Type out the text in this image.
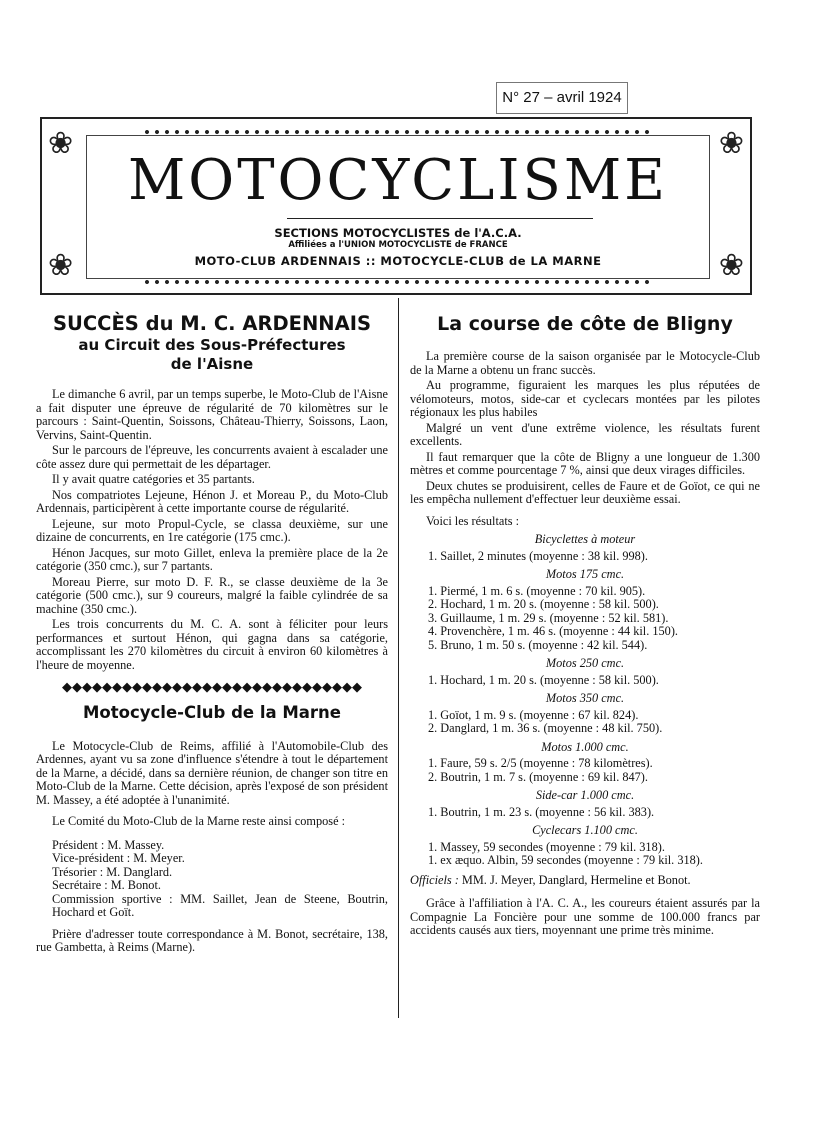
N° 27 – avril 1924
❀	❀
❀	❀
MOTOCYCLISME
SECTIONS MOTOCYCLISTES de l'A.C.A.
Affiliées a l'UNION MOTOCYCLISTE de FRANCE
MOTO-CLUB ARDENNAIS :: MOTOCYCLE-CLUB de LA MARNE
SUCCÈS du M. C. ARDENNAIS
au Circuit des Sous-Préfectures
de l'Aisne

Le dimanche 6 avril, par un temps superbe, le Moto-Club de l'Aisne a fait disputer une épreuve de régularité de 70 kilomètres sur le parcours : Saint-Quentin, Soissons, Château-Thierry, Soissons, Laon, Vervins, Saint-Quentin.

Sur le parcours de l'épreuve, les concurrents avaient à escalader une côte assez dure qui permettait de les départager.

Il y avait quatre catégories et 35 partants.

Nos compatriotes Lejeune, Hénon J. et Moreau P., du Moto-Club Ardennais, participèrent à cette importante course de régularité.

Lejeune, sur moto Propul-Cycle, se classa deuxième, sur une dizaine de concurrents, en 1re catégorie (175 cmc.).

Hénon Jacques, sur moto Gillet, enleva la première place de la 2e catégorie (350 cmc.), sur 7 partants.

Moreau Pierre, sur moto D. F. R., se classe deuxième de la 3e catégorie (500 cmc.), sur 9 coureurs, malgré la faible cylindrée de sa machine (350 cmc.).

Les trois concurrents du M. C. A. sont à féliciter pour leurs performances et surtout Hénon, qui gagna dans sa catégorie, accomplissant les 270 kilomètres du circuit à environ 60 kilomètres à l'heure de moyenne.

◆◆◆◆◆◆◆◆◆◆◆◆◆◆◆◆◆◆◆◆◆◆◆◆◆◆◆◆◆◆
Motocycle-Club de la Marne

Le Motocycle-Club de Reims, affilié à l'Automobile-Club des Ardennes, ayant vu sa zone d'influence s'étendre à tout le département de la Marne, a décidé, dans sa dernière réunion, de changer son titre en Moto-Club de la Marne. Cette décision, après l'exposé de son président M. Massey, a été adoptée à l'unanimité.

Le Comité du Moto-Club de la Marne reste ainsi composé :

Président : M. Massey.
Vice-président : M. Meyer.
Trésorier : M. Danglard.
Secrétaire : M. Bonot.
Commission sportive : MM. Saillet, Jean de Steene, Boutrin, Hochard et Goït.

Prière d'adresser toute correspondance à M. Bonot, secrétaire, 138, rue Gambetta, à Reims (Marne).

La course de côte de Bligny

La première course de la saison organisée par le Motocycle-Club de la Marne a obtenu un franc succès.

Au programme, figuraient les marques les plus réputées de vélomoteurs, motos, side-car et cyclecars montées par les pilotes régionaux les plus habiles

Malgré un vent d'une extrême violence, les résultats furent excellents.

Il faut remarquer que la côte de Bligny a une longueur de 1.300 mètres et comme pourcentage 7 %, ainsi que deux virages difficiles.

Deux chutes se produisirent, celles de Faure et de Goïot, ce qui ne les empêcha nullement d'effectuer leur deuxième essai.

Voici les résultats :

Bicyclettes à moteur
1. Saillet, 2 minutes (moyenne : 38 kil. 998).
Motos 175 cmc.
1. Piermé, 1 m. 6 s. (moyenne : 70 kil. 905).
2. Hochard, 1 m. 20 s. (moyenne : 58 kil. 500).
3. Guillaume, 1 m. 29 s. (moyenne : 52 kil. 581).
4. Provenchère, 1 m. 46 s. (moyenne : 44 kil. 150).
5. Bruno, 1 m. 50 s. (moyenne : 42 kil. 544).
Motos 250 cmc.
1. Hochard, 1 m. 20 s. (moyenne : 58 kil. 500).
Motos 350 cmc.
1. Goïot, 1 m. 9 s. (moyenne : 67 kil. 824).
2. Danglard, 1 m. 36 s. (moyenne : 48 kil. 750).
Motos 1.000 cmc.
1. Faure, 59 s. 2/5 (moyenne : 78 kilomètres).
2. Boutrin, 1 m. 7 s. (moyenne : 69 kil. 847).
Side-car 1.000 cmc.
1. Boutrin, 1 m. 23 s. (moyenne : 56 kil. 383).
Cyclecars 1.100 cmc.
1. Massey, 59 secondes (moyenne : 79 kil. 318).
1. ex æquo. Albin, 59 secondes (moyenne : 79 kil. 318).
Officiels : MM. J. Meyer, Danglard, Hermeline et Bonot.

Grâce à l'affiliation à l'A. C. A., les coureurs étaient assurés par la Compagnie La Foncière pour une somme de 100.000 francs par accidents causés aux tiers, moyennant une prime très minime.
